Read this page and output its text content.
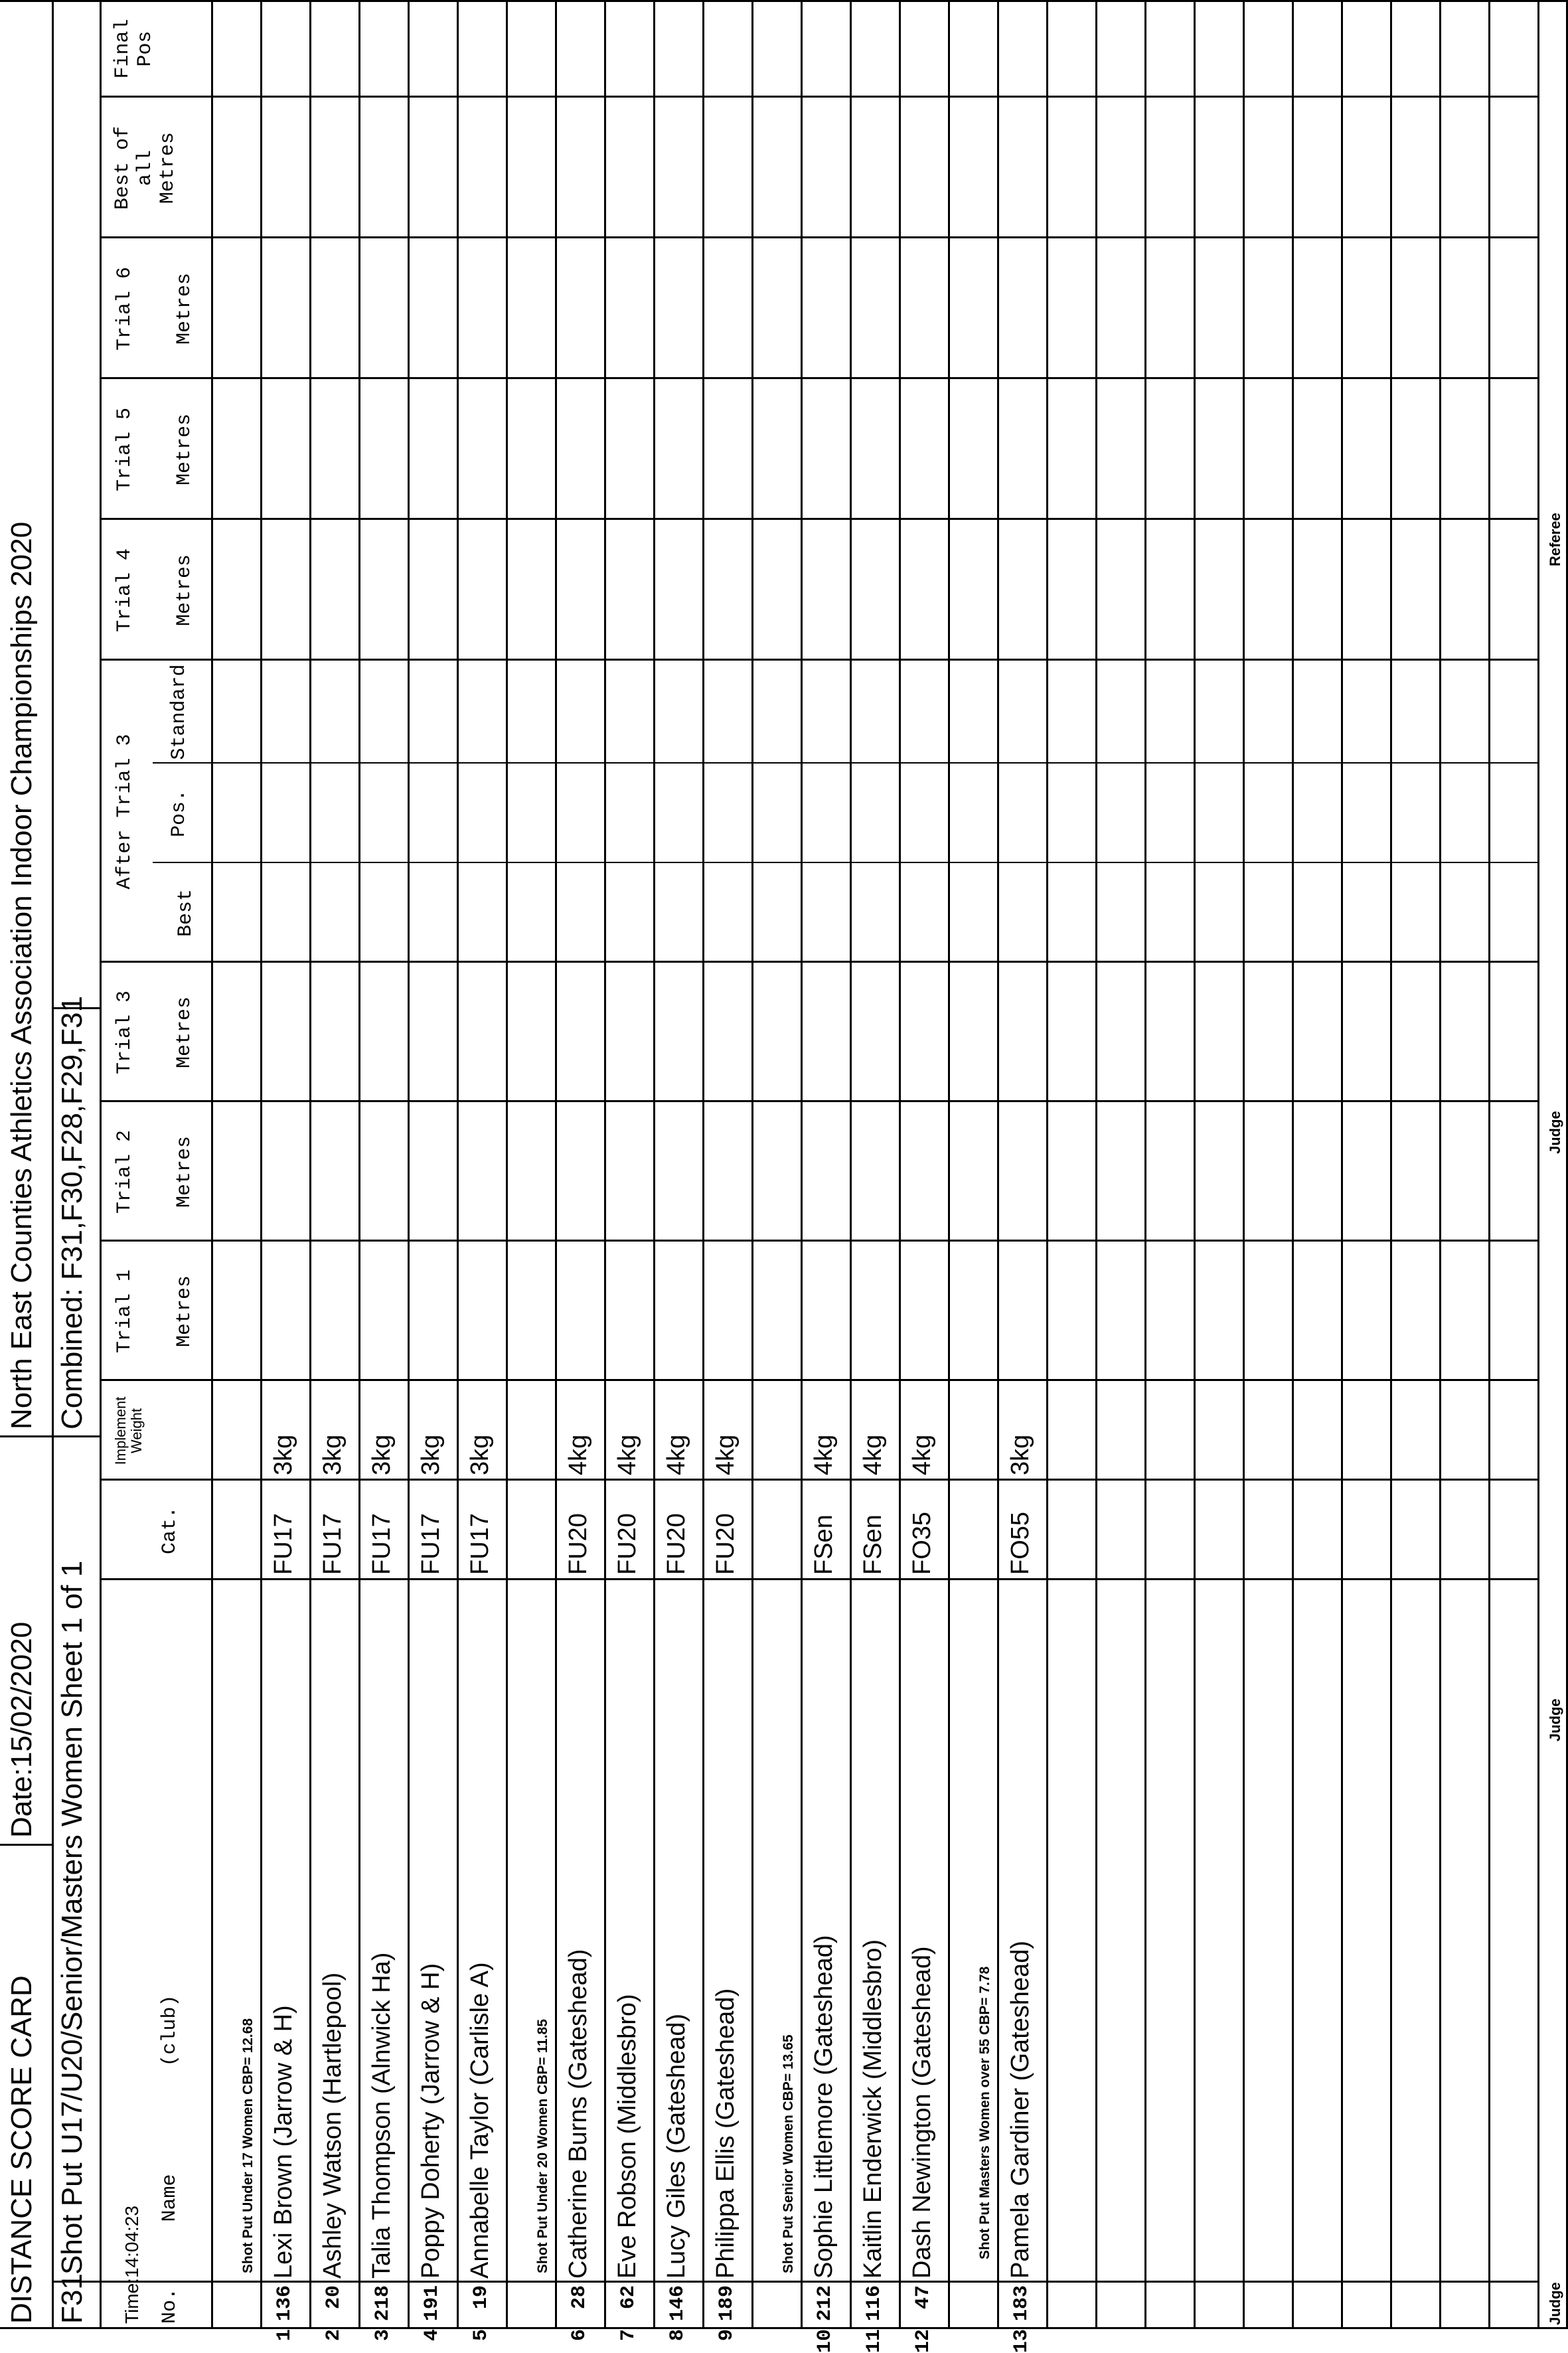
DISTANCE SCORE CARD
Date:15/02/2020
North East Counties Athletics Association Indoor Championships 2020
F31
Shot Put U17/U20/Senior/Masters Women Sheet 1 of 1
Combined: F31,F30,F28,F29,F31
Time:14:04:23 No.
Name         (club)
Cat.
Implement Weight
Trial 1 Metres
Trial 2 Metres
Trial 3 Metres
After Trial 3
Best
Pos.
Standard
Trial 4 Metres
Trial 5 Metres
Trial 6 Metres
Best of all Metres
Final Pos
Judge
Judge
Judge
Referee
Shot Put Under 17 Women CBP= 12.68
1
136
Lexi Brown (Jarrow & H)
FU17
3kg
2
20
Ashley Watson (Hartlepool)
FU17
3kg
3
218
Talia Thompson (Alnwick Ha)
FU17
3kg
4
191
Poppy Doherty (Jarrow & H)
FU17
3kg
5
19
Annabelle Taylor (Carlisle A)
FU17
3kg
Shot Put Under 20 Women CBP= 11.85
6
28
Catherine Burns (Gateshead)
FU20
4kg
7
62
Eve Robson (Middlesbro)
FU20
4kg
8
146
Lucy Giles (Gateshead)
FU20
4kg
9
189
Philippa Ellis (Gateshead)
FU20
4kg
Shot Put Senior Women CBP= 13.65
10
212
Sophie Littlemore (Gateshead)
FSen
4kg
11
116
Kaitlin Enderwick (Middlesbro)
FSen
4kg
12
47
Dash Newington (Gateshead)
FO35
4kg
Shot Put Masters Women over 55 CBP= 7.78
13
183
Pamela Gardiner (Gateshead)
FO55
3kg
